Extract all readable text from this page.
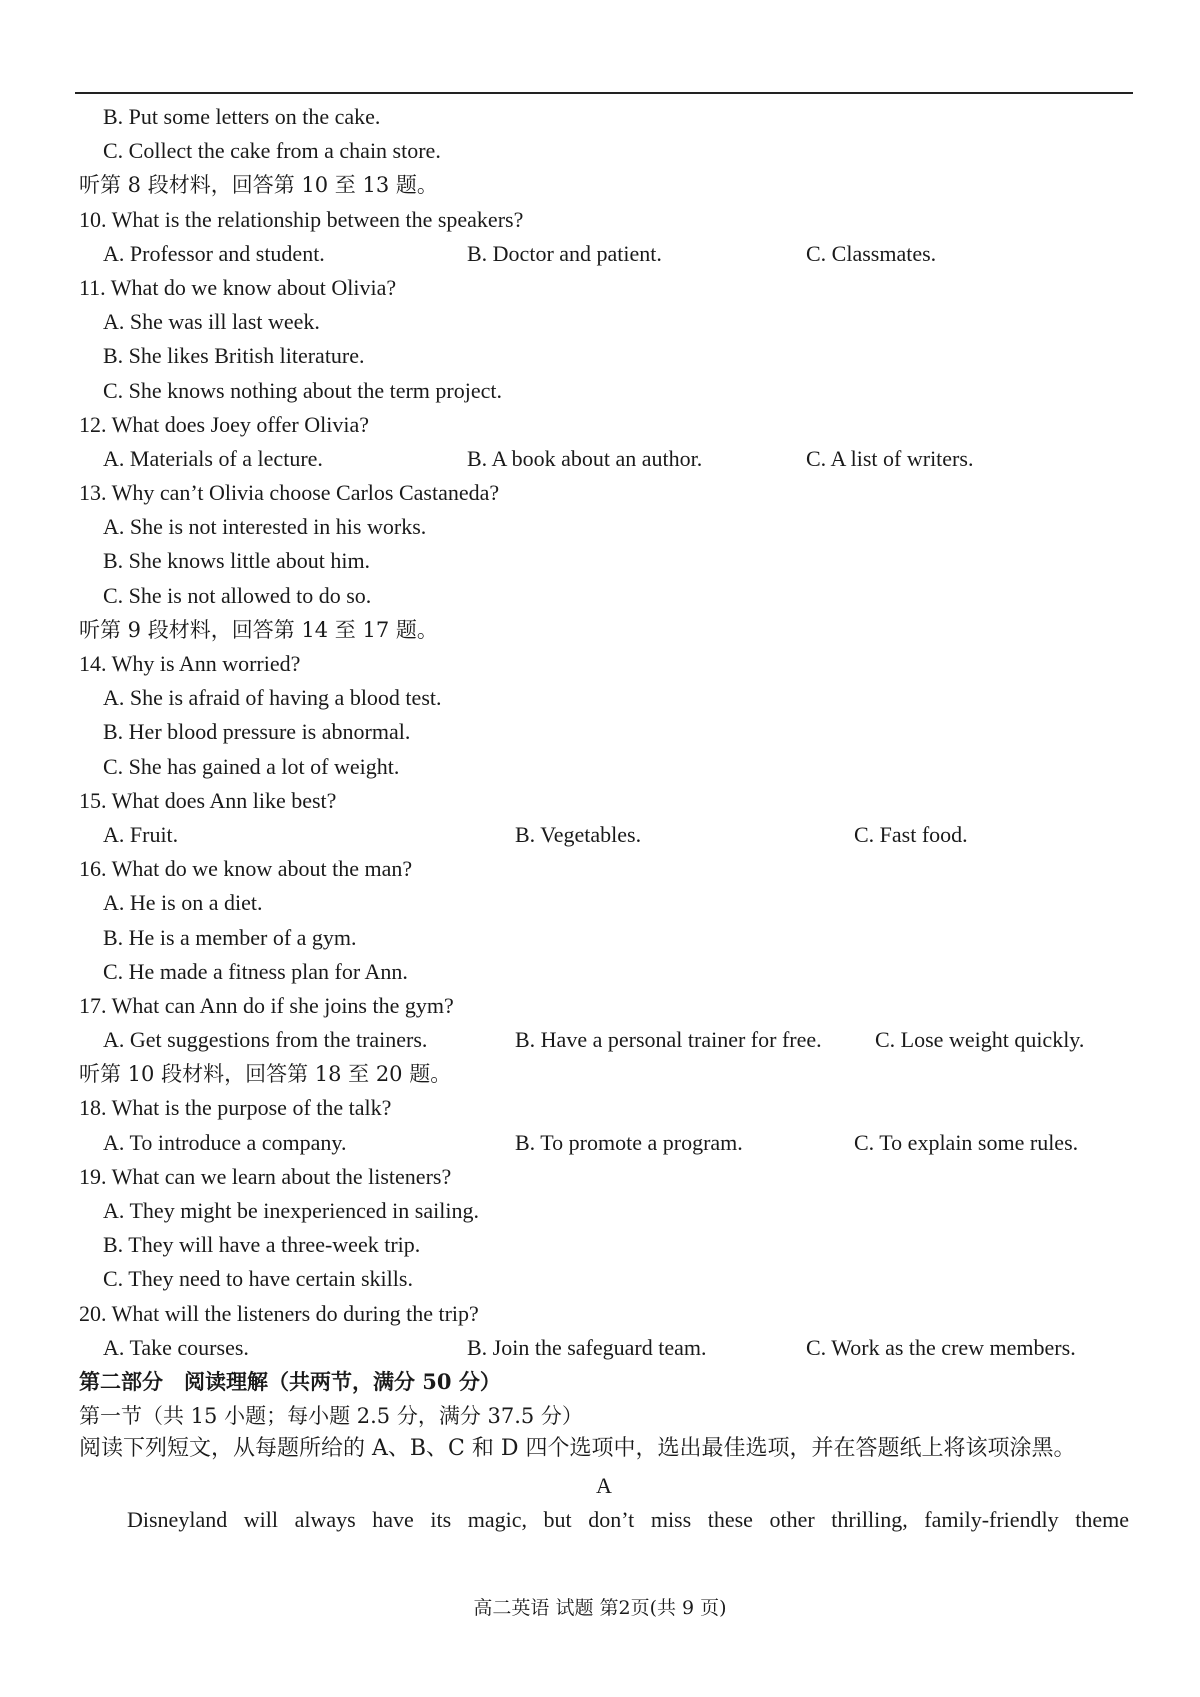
B. Put some letters on the cake.
C. Collect the cake from a chain store.
听第 8 段材料，回答第 10 至 13 题。
10. What is the relationship between the speakers?
A. Professor and student.	B. Doctor and patient.	C. Classmates.
11. What do we know about Olivia?
A. She was ill last week.
B. She likes British literature.
C. She knows nothing about the term project.
12. What does Joey offer Olivia?
A. Materials of a lecture.	B. A book about an author.	C. A list of writers.
13. Why can’t Olivia choose Carlos Castaneda?
A. She is not interested in his works.
B. She knows little about him.
C. She is not allowed to do so.
听第 9 段材料，回答第 14 至 17 题。
14. Why is Ann worried?
A. She is afraid of having a blood test.
B. Her blood pressure is abnormal.
C. She has gained a lot of weight.
15. What does Ann like best?
A. Fruit.	B. Vegetables.	C. Fast food.
16. What do we know about the man?
A. He is on a diet.
B. He is a member of a gym.
C. He made a fitness plan for Ann.
17. What can Ann do if she joins the gym?
A. Get suggestions from the trainers.	B. Have a personal trainer for free. C. Lose weight quickly.
听第 10 段材料，回答第 18 至 20 题。
18. What is the purpose of the talk?
A. To introduce a company.	B. To promote a program.	C. To explain some rules.
19. What can we learn about the listeners?
A. They might be inexperienced in sailing.
B. They will have a three-week trip.
C. They need to have certain skills.
20. What will the listeners do during the trip?
A. Take courses.	B. Join the safeguard team.	C. Work as the crew members.
第二部分　阅读理解（共两节，满分 50 分）
第一节（共 15 小题；每小题 2.5 分，满分 37.5 分）
阅读下列短文，从每题所给的 A、B、C 和 D 四个选项中，选出最佳选项，并在答题纸上将该项涂黑。
A
Disneyland will always have its magic, but don’t miss these other thrilling, family-friendly theme
高二英语 试题 第2页(共 9 页)
